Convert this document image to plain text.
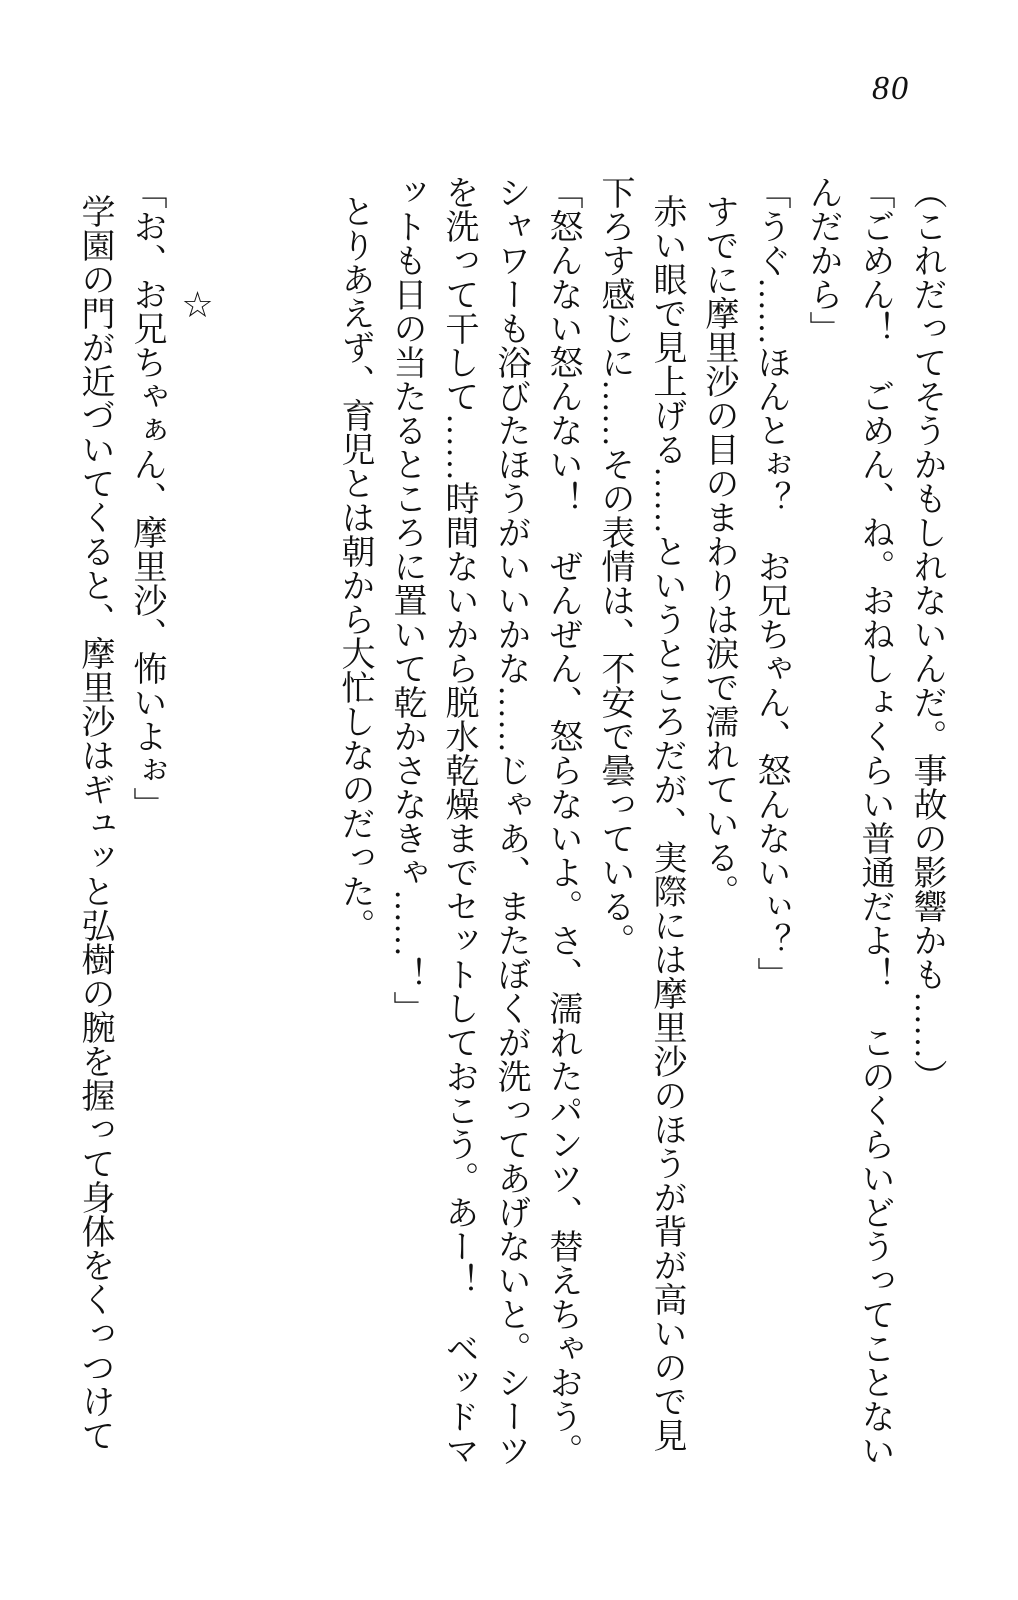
80

（これだってそうかもしれないんだ。事故の影響かも……）

「ごめん！　ごめん、ね。おねしょくらい普通だよ！　このくらいどうってことない

んだから」

「うぐ……ほんとぉ？　お兄ちゃん、怒んないぃ？」

すでに摩里沙の目のまわりは涙で濡れている。

赤い眼で見上げる……というところだが、実際には摩里沙のほうが背が高いので見

下ろす感じに……その表情は、不安で曇っている。

「怒んない怒んない！　ぜんぜん、怒らないよ。さ、濡れたパンツ、替えちゃおう。

シャワーも浴びたほうがいいかな……じゃあ、またぼくが洗ってあげないと。シーツ

を洗って干して……時間ないから脱水乾燥までセットしておこう。あー！　ベッドマ

ットも日の当たるところに置いて乾かさなきゃ……！」

とりあえず、育児とは朝から大忙しなのだった。

☆

「お、お兄ちゃぁん、摩里沙、怖いよぉ」

学園の門が近づいてくると、摩里沙はギュッと弘樹の腕を握って身体をくっつけて
